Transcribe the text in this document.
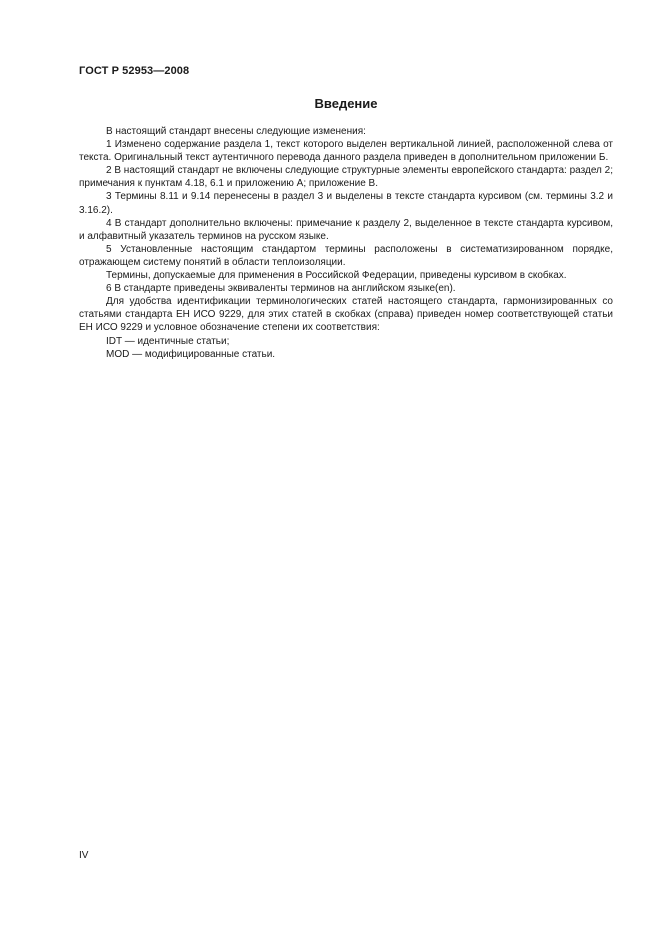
ГОСТ Р 52953—2008
Введение

В настоящий стандарт внесены следующие изменения:

1 Изменено содержание раздела 1, текст которого выделен вертикальной линией, расположенной слева от текста. Оригинальный текст аутентичного перевода данного раздела приведен в дополнительном приложении Б.

2 В настоящий стандарт не включены следующие структурные элементы европейского стандарта: раздел 2; примечания к пунктам 4.18, 6.1 и приложению А; приложение В.

3 Термины 8.11 и 9.14 перенесены в раздел 3 и выделены в тексте стандарта курсивом (см. термины 3.2 и 3.16.2).

4 В стандарт дополнительно включены: примечание к разделу 2, выделенное в тексте стандарта курсивом, и алфавитный указатель терминов на русском языке.

5 Установленные настоящим стандартом термины расположены в систематизированном порядке, отражающем систему понятий в области теплоизоляции.

Термины, допускаемые для применения в Российской Федерации, приведены курсивом в скобках.

6 В стандарте приведены эквиваленты терминов на английском языке(en).

Для удобства идентификации терминологических статей настоящего стандарта, гармонизированных со статьями стандарта ЕН ИСО 9229, для этих статей в скобках (справа) приведен номер соответствующей статьи ЕН ИСО 9229 и условное обозначение степени их соответствия:

IDT — идентичные статьи;

MOD — модифицированные статьи.

IV
